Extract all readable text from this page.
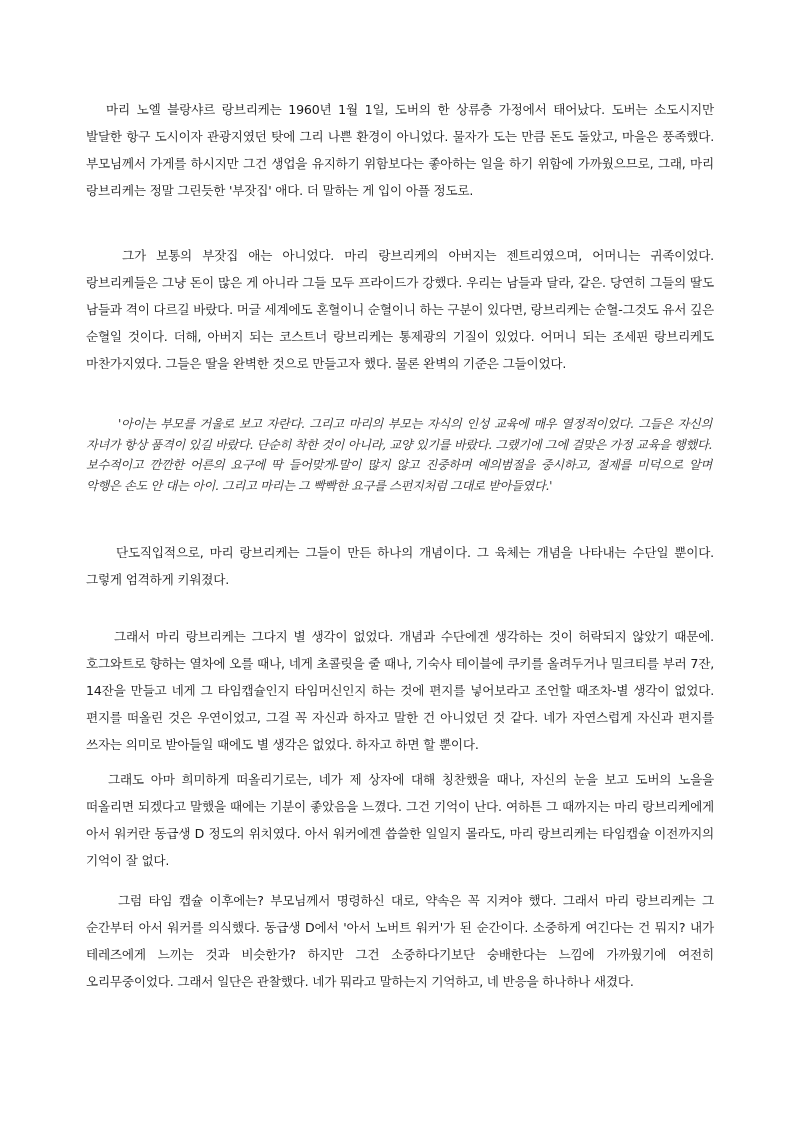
마리 노엘 블랑샤르 랑브리케는 1960년 1월 1일, 도버의 한 상류층 가정에서 태어났다. 도버는 소도시지만 발달한 항구 도시이자 관광지였던 탓에 그리 나쁜 환경이 아니었다. 물자가 도는 만큼 돈도 돌았고, 마을은 풍족했다. 부모님께서 가게를 하시지만 그건 생업을 유지하기 위함보다는 좋아하는 일을 하기 위함에 가까웠으므로, 그래, 마리 랑브리케는 정말 그린듯한 '부잣집' 애다. 더 말하는 게 입이 아플 정도로.

그가 보통의 부잣집 애는 아니었다. 마리 랑브리케의 아버지는 젠트리였으며, 어머니는 귀족이었다. 랑브리케들은 그냥 돈이 많은 게 아니라 그들 모두 프라이드가 강했다. 우리는 남들과 달라, 같은. 당연히 그들의 딸도 남들과 격이 다르길 바랐다. 머글 세계에도 혼혈이니 순혈이니 하는 구분이 있다면, 랑브리케는 순혈-그것도 유서 깊은 순혈일 것이다. 더해, 아버지 되는 코스트너 랑브리케는 통제광의 기질이 있었다. 어머니 되는 조세핀 랑브리케도 마찬가지였다. 그들은 딸을 완벽한 것으로 만들고자 했다. 물론 완벽의 기준은 그들이었다.

'아이는 부모를 거울로 보고 자란다. 그리고 마리의 부모는 자식의 인성 교육에 매우 열정적이었다. 그들은 자신의 자녀가 항상 품격이 있길 바랐다. 단순히 착한 것이 아니라, 교양 있기를 바랐다. 그랬기에 그에 걸맞은 가정 교육을 행했다. 보수적이고 깐깐한 어른의 요구에 딱 들어맞게-말이 많지 않고 진중하며 예의범절을 중시하고, 절제를 미덕으로 알며 악행은 손도 안 대는 아이. 그리고 마리는 그 빡빡한 요구를 스펀지처럼 그대로 받아들였다.'

단도직입적으로, 마리 랑브리케는 그들이 만든 하나의 개념이다. 그 육체는 개념을 나타내는 수단일 뿐이다. 그렇게 엄격하게 키워졌다.

그래서 마리 랑브리케는 그다지 별 생각이 없었다. 개념과 수단에겐 생각하는 것이 허락되지 않았기 때문에. 호그와트로 향하는 열차에 오를 때나, 네게 초콜릿을 줄 때나, 기숙사 테이블에 쿠키를 올려두거나 밀크티를 부러 7잔, 14잔을 만들고 네게 그 타임캡슐인지 타임머신인지 하는 것에 편지를 넣어보라고 조언할 때조차-별 생각이 없었다. 편지를 떠올린 것은 우연이었고, 그걸 꼭 자신과 하자고 말한 건 아니었던 것 같다. 네가 자연스럽게 자신과 편지를 쓰자는 의미로 받아들일 때에도 별 생각은 없었다. 하자고 하면 할 뿐이다.

그래도 아마 희미하게 떠올리기로는, 네가 제 상자에 대해 칭찬했을 때나, 자신의 눈을 보고 도버의 노을을 떠올리면 되겠다고 말했을 때에는 기분이 좋았음을 느꼈다. 그건 기억이 난다. 여하튼 그 때까지는 마리 랑브리케에게 아서 워커란 동급생 D 정도의 위치였다. 아서 워커에겐 씁쓸한 일일지 몰라도, 마리 랑브리케는 타임캡슐 이전까지의 기억이 잘 없다.

그럼 타임 캡슐 이후에는? 부모님께서 명령하신 대로, 약속은 꼭 지켜야 했다. 그래서 마리 랑브리케는 그 순간부터 아서 워커를 의식했다. 동급생 D에서 '아서 노버트 워커'가 된 순간이다. 소중하게 여긴다는 건 뭐지? 내가 테레즈에게 느끼는 것과 비슷한가? 하지만 그건 소중하다기보단 숭배한다는 느낌에 가까웠기에 여전히 오리무중이었다. 그래서 일단은 관찰했다. 네가 뭐라고 말하는지 기억하고, 네 반응을 하나하나 새겼다.
